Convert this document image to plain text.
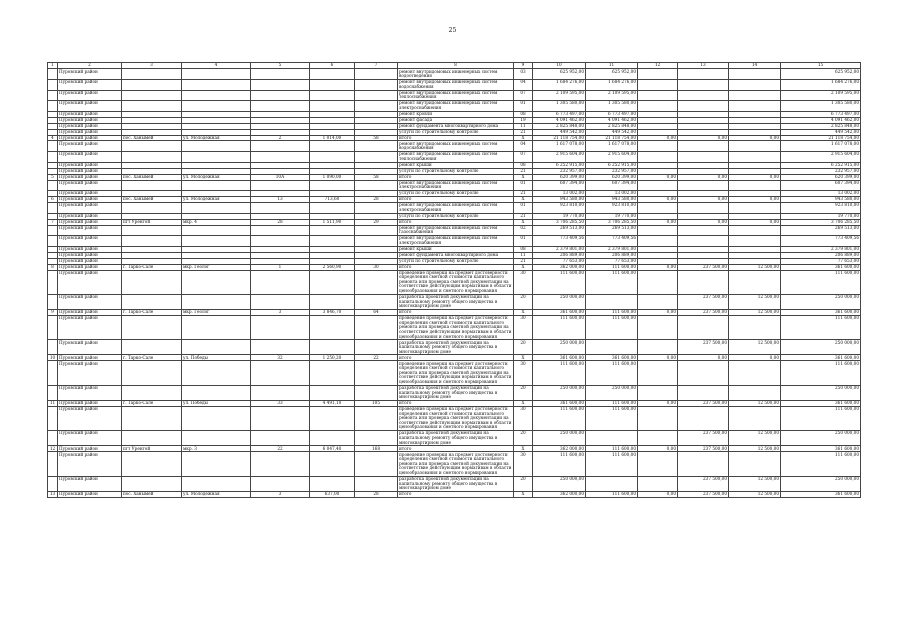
25
1	2	3	4	5	6	7	8	9	10	11	12	13	14	15
	Пуровский район						ремонт внутридомовых инженерных систем водоотведения	03	625 952,00	625 952,00				625 952,00
	Пуровский район						ремонт внутридомовых инженерных систем водоснабжения	04	1 684 276,00	1 684 276,00				1 684 276,00
	Пуровский район						ремонт внутридомовых инженерных систем теплоснабжения	07	2 109 595,00	2 109 595,00				2 109 595,00
	Пуровский район						ремонт внутридомовых инженерных систем электроснабжения	01	1 305 580,00	1 305 580,00				1 305 580,00
	Пуровский район						ремонт кровли	08	6 773 497,00	6 773 497,00				6 773 497,00
	Пуровский район						ремонт фасада	19	4 091 462,00	4 091 462,00				4 091 462,00
	Пуровский район						ремонт фундамента многоквартирного дома	11	2 825 848,00	2 825 848,00				2 825 848,00
	Пуровский район						услуги по строительному контролю	21	449 542,00	449 542,00				449 542,00
4	Пуровский район	пос. Ханымей	ул. Молодежная	2	1 014,00	58	итого	X	21 118 754,00	21 118 754,00	0,00	0,00	0,00	21 118 754,00
	Пуровский район						ремонт внутридомовых инженерных систем водоснабжения	04	1 617 078,00	1 617 078,00				1 617 078,00
	Пуровский район						ремонт внутридомовых инженерных систем теплоснабжения	07	2 915 604,00	2 915 604,00				2 915 604,00
	Пуровский район						ремонт крыши	08	6 252 915,00	6 252 915,00				6 252 915,00
	Пуровский район						услуги по строительному контролю	21	232 957,00	232 957,00				232 957,00
5	Пуровский район	пос. Ханымей	ул. Молодежная	10А	1 090,00	58	итого	X	620 399,00	620 399,00	0,00	0,00	0,00	620 399,00
	Пуровский район						ремонт внутридомовых инженерных систем электроснабжения	01	607 394,00	607 394,00				607 394,00
	Пуровский район						услуги по строительному контролю	21	13 002,00	13 002,00				13 002,00
6	Пуровский район	пос. Ханымей	ул. Молодежная	13	713,60	28	итого	X	943 580,00	943 580,00	0,00	0,00	0,00	943 580,00
	Пуровский район						ремонт внутридомовых инженерных систем электроснабжения	01	923 810,00	923 810,00				923 810,00
	Пуровский район						услуги по строительному контролю	21	19 770,00	19 770,00				19 770,00
7	Пуровский район	пгт Уренгой	мкр. 4	28	1 511,90	29	итого	X	3 706 285,50	3 706 285,50	0,00	0,00	0,00	3 706 285,50
	Пуровский район						ремонт внутридомовых инженерных систем газоснабжения	02	269 513,00	269 513,00				269 513,00
	Пуровский район						ремонт внутридомовых инженерных систем электроснабжения	01	773 409,56	773 409,56				773 409,56
	Пуровский район						ремонт крыши	08	2 379 801,00	2 379 801,00				2 379 801,00
	Пуровский район						ремонт фундамента многоквартирного дома	11	206 889,00	206 889,00				206 889,00
	Пуровский район						услуги по строительному контролю	21	77 653,00	77 653,00				77 653,00
8	Пуровский район	г. Тарко-Сале	мкр. Геолог	1	2 560,90	30	итого	X	362 000,00	111 600,00	0,00	237 500,00	12 500,00	361 600,00
	Пуровский район						проведение проверки на предмет достоверности определения сметной стоимости капитального ремонта или проверка сметной документации на соответствие действующим нормативам в области ценообразования и сметного нормирования	30	111 600,00	111 600,00				111 600,00
	Пуровский район						разработка проектной документации на капитальному ремонту общего имущества в многоквартирном доме	20	250 000,00			237 500,00	12 500,00	250 000,00
9	Пуровский район	г. Тарко-Сале	мкр. Геолог	3	3 846,70	64	итого	X	361 600,00	111 600,00	0,00	237 500,00	12 500,00	361 600,00
	Пуровский район						проведение проверки на предмет достоверности определения сметной стоимости капитального ремонта или проверка сметной документации на соответствие действующим нормативам в области ценообразования и сметного нормирования	30	111 600,00	111 600,00				111 600,00
	Пуровский район						разработка проектной документации на капитальному ремонту общего имущества в многоквартирном доме	20	250 000,00			237 500,00	12 500,00	250 000,00
10	Пуровский район	г. Тарко-Сале	ул. Победы	32	1 250,20	22	итого	X	361 600,00	361 600,00	0,00	0,00	0,00	361 600,00
	Пуровский район						проведение проверки на предмет достоверности определения сметной стоимости капитального ремонта или проверка сметной документации на соответствие действующим нормативам в области ценообразования и сметного нормирования	30	111 600,00	111 600,00				111 600,00
	Пуровский район						разработка проектной документации на капитальному ремонту общего имущества в многоквартирном доме	20	250 000,00	250 000,00				250 000,00
11	Пуровский район	г. Тарко-Сале	ул. Победы	33	4 491,10	105	итого	X	361 600,00	111 600,00	0,00	237 500,00	12 500,00	361 600,00
	Пуровский район						проведение проверки на предмет достоверности определения сметной стоимости капитального ремонта или проверка сметной документации на соответствие действующим нормативам в области ценообразования и сметного нормирования	30	111 600,00	111 600,00				111 600,00
	Пуровский район						разработка проектной документации на капитальному ремонту общего имущества в многоквартирном доме	20	250 000,00			237 500,00	12 500,00	250 000,00
12	Пуровский район	пгт Уренгой	мкр. 3	22	6 047,40	168	итого	X	362 000,00	111 600,00	0,00	237 500,00	12 500,00	361 600,00
	Пуровский район						проведение проверки на предмет достоверности определения сметной стоимости капитального ремонта или проверка сметной документации на соответствие действующим нормативам в области ценообразования и сметного нормирования	30	111 600,00	111 600,00				111 600,00
	Пуровский район						разработка проектной документации на капитальному ремонту общего имущества в многоквартирном доме	20	250 000,00			237 500,00	12 500,00	250 000,00
13	Пуровский район	пос. Ханымей	ул. Молодежная	3	637,00	28	итого	X	362 000,00	111 600,00	0,00	237 500,00	12 500,00	361 600,00
